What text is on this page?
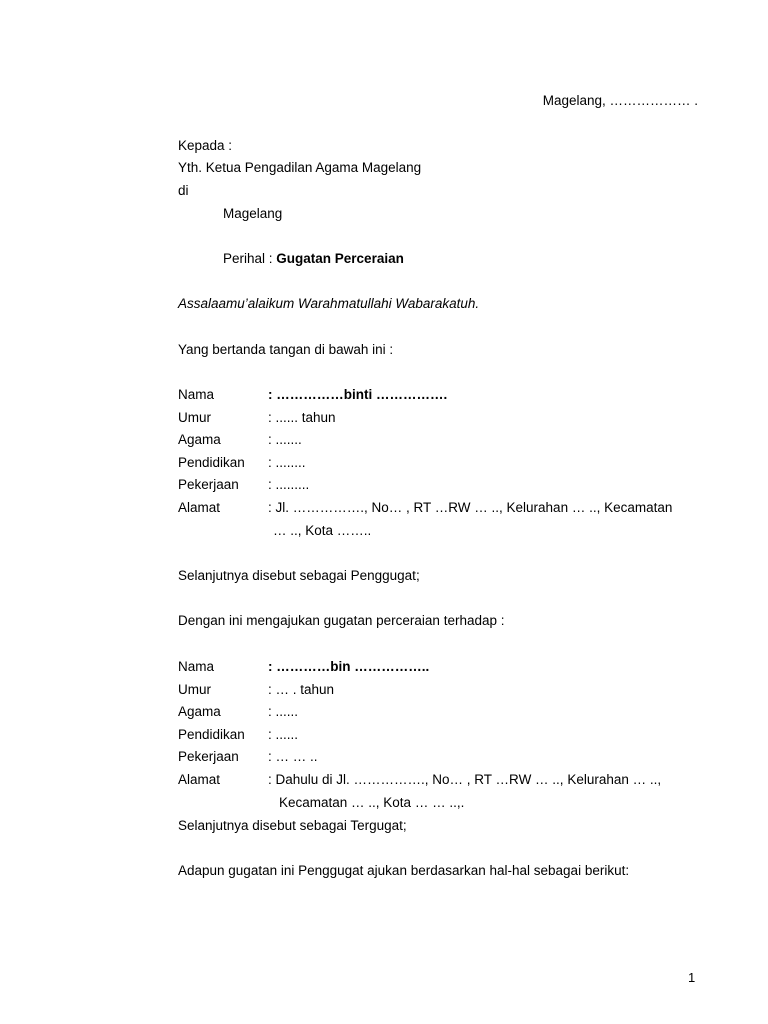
Magelang, ……………… .
Kepada :
Yth. Ketua Pengadilan Agama Magelang
di
Magelang
Perihal : Gugatan Perceraian
Assalaamu’alaikum Warahmatullahi Wabarakatuh.
Yang bertanda tangan di bawah ini :
Nama	: ……………binti …………….
Umur	: ...... tahun
Agama	: .......
Pendidikan : ........
Pekerjaan : .........
Alamat	: Jl. ……………., No… , RT …RW … .., Kelurahan … .., Kecamatan
… .., Kota ……..
Selanjutnya disebut sebagai Penggugat;
Dengan ini mengajukan gugatan perceraian terhadap :
Nama	: …………bin ……………..
Umur	: … . tahun
Agama	: ......
Pendidikan : ......
Pekerjaan : … … ..
Alamat	: Dahulu di Jl. ……………., No… , RT …RW … .., Kelurahan … ..,
Kecamatan … .., Kota … … ..,.
Selanjutnya disebut sebagai Tergugat;
Adapun gugatan ini Penggugat ajukan berdasarkan hal-hal sebagai berikut:
1
